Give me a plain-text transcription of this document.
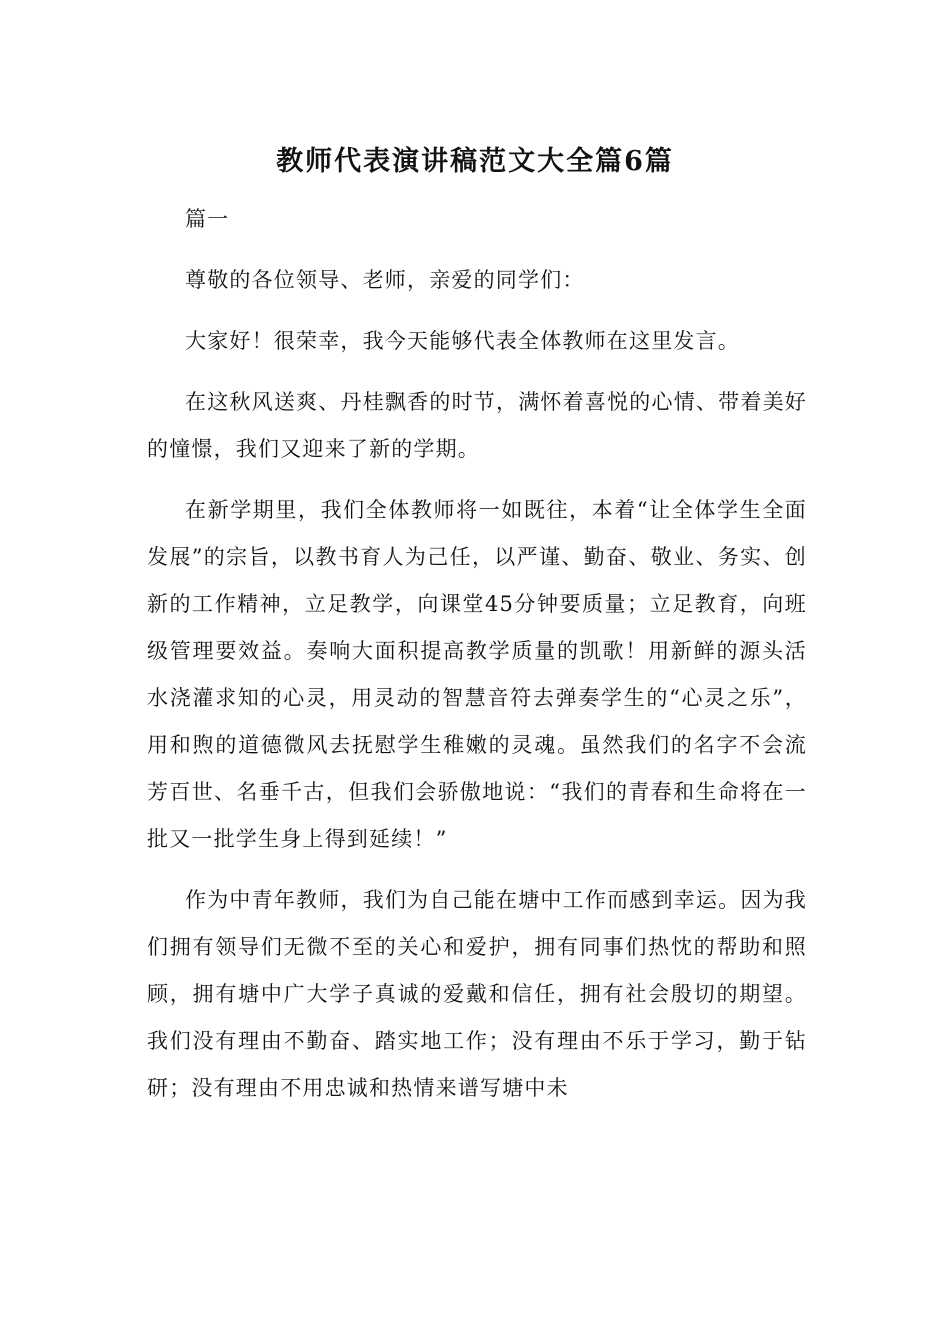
教师代表演讲稿范文大全篇6篇

篇一

尊敬的各位领导、老师，亲爱的同学们：

大家好！很荣幸，我今天能够代表全体教师在这里发言。

在这秋风送爽、丹桂飘香的时节，满怀着喜悦的心情、带着美好的憧憬，我们又迎来了新的学期。

在新学期里，我们全体教师将一如既往，本着“让全体学生全面发展”的宗旨，以教书育人为己任，以严谨、勤奋、敬业、务实、创新的工作精神，立足教学，向课堂45分钟要质量；立足教育，向班级管理要效益。奏响大面积提高教学质量的凯歌！用新鲜的源头活水浇灌求知的心灵，用灵动的智慧音符去弹奏学生的“心灵之乐”，用和煦的道德微风去抚慰学生稚嫩的灵魂。虽然我们的名字不会流芳百世、名垂千古，但我们会骄傲地说：“我们的青春和生命将在一批又一批学生身上得到延续！”

作为中青年教师，我们为自己能在塘中工作而感到幸运。因为我们拥有领导们无微不至的关心和爱护，拥有同事们热忱的帮助和照顾，拥有塘中广大学子真诚的爱戴和信任，拥有社会殷切的期望。我们没有理由不勤奋、踏实地工作；没有理由不乐于学习，勤于钻研；没有理由不用忠诚和热情来谱写塘中未
